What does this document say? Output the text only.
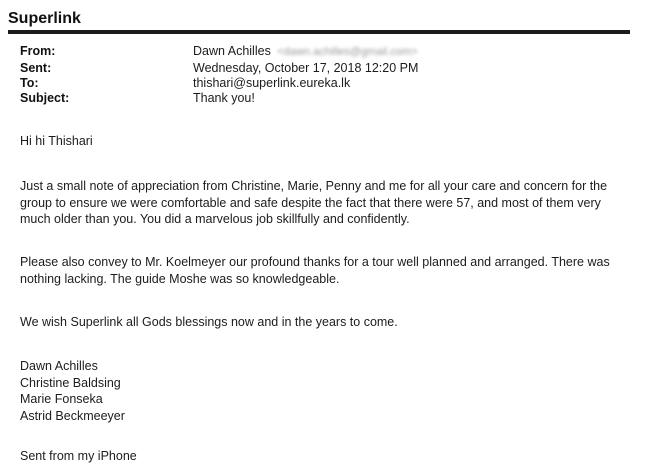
Superlink
From:	Dawn Achilles <dawn.achilles@gmail.com>
Sent:	Wednesday, October 17, 2018 12:20 PM
To:	thishari@superlink.eureka.lk
Subject:	Thank you!
Hi hi Thishari
Just a small note of appreciation from Christine, Marie, Penny and me for all your care and concern for the group to ensure we were comfortable and safe despite the fact that there were 57, and most of them very much older than you. You did a marvelous job skillfully and confidently.
Please also convey to Mr. Koelmeyer our profound thanks for a tour well planned and arranged. There was nothing lacking. The guide Moshe was so knowledgeable.
We wish Superlink all Gods blessings now and in the years to come.
Dawn Achilles
Christine Baldsing
Marie Fonseka
Astrid Beckmeeyer
Sent from my iPhone
